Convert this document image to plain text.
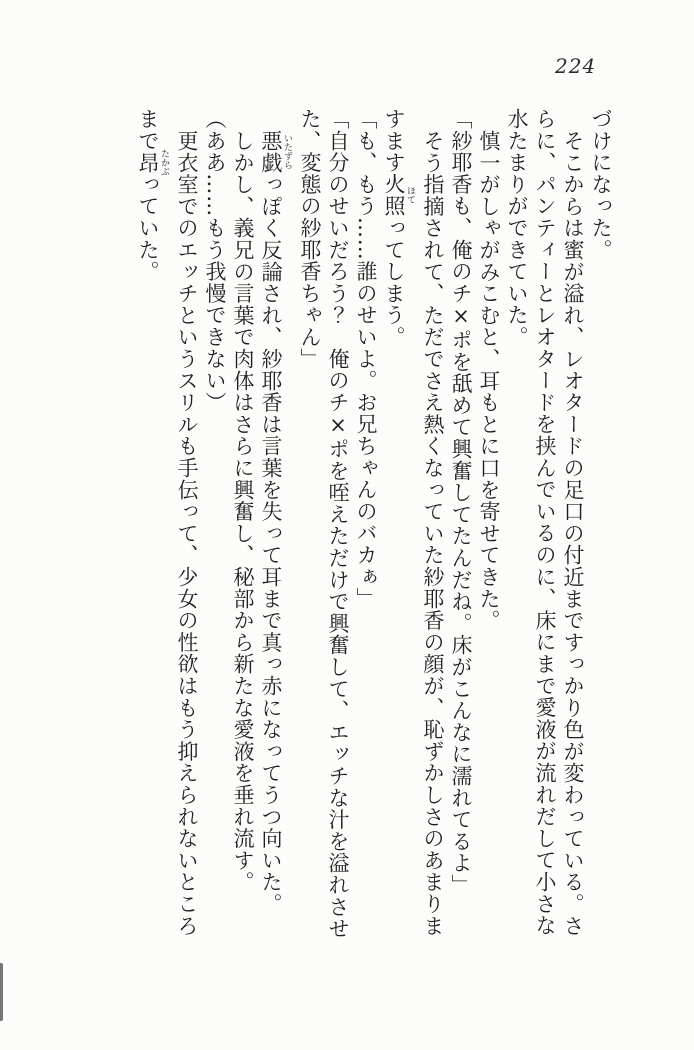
224

づけになった。

そこからは蜜が溢れ、レオタードの足口の付近まですっかり色が変わっている。さ

らに、パンティーとレオタードを挟んでいるのに、床にまで愛液が流れだして小さな

水たまりができていた。

慎一がしゃがみこむと、耳もとに口を寄せてきた。

「紗耶香も、俺のチ×ポを舐めて興奮してたんだね。床がこんなに濡れてるよ」

そう指摘されて、ただでさえ熱くなっていた紗耶香の顔が、恥ずかしさのあまりま

すます火照 ほてってしまう。

「も、もう……誰のせいよ。お兄ちゃんのバカぁ」

「自分のせいだろう？　俺のチ×ポを咥えただけで興奮して、エッチな汁を溢れさせ

た、変態の紗耶香ちゃん」

悪戯 いたずらっぽく反論され、紗耶香は言葉を失って耳まで真っ赤になってうつ向いた。

しかし、義兄の言葉で肉体はさらに興奮し、秘部から新たな愛液を垂れ流す。

（ああ……もう我慢できない）

更衣室でのエッチというスリルも手伝って、少女の性欲はもう抑えられないところ

まで昂 たかぶっていた。
